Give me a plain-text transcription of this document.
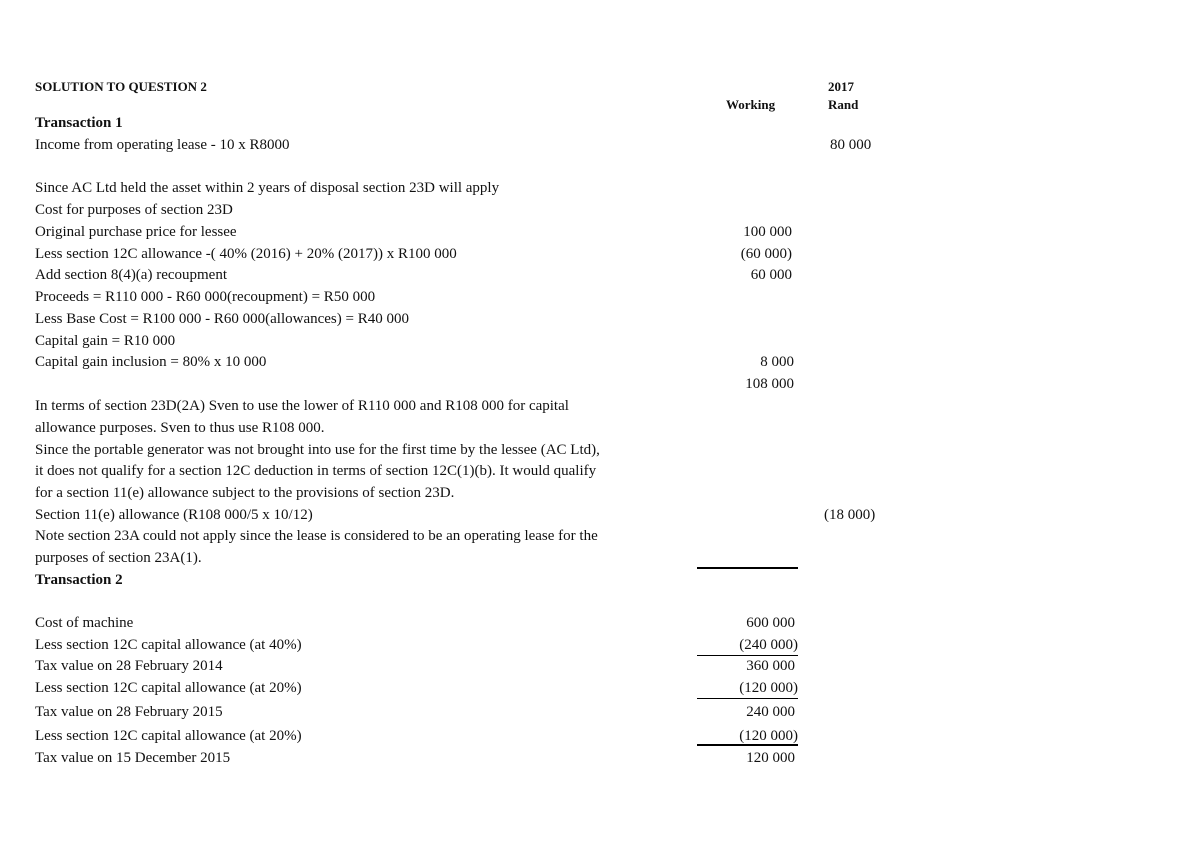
SOLUTION TO QUESTION 2	2017
Working	Rand
Transaction 1
Income from operating lease - 10 x R8000	80 000
Since AC Ltd held the asset within 2 years of disposal section 23D will apply
Cost for purposes of section 23D
Original purchase price for lessee	100 000
Less section 12C allowance -( 40% (2016) + 20% (2017)) x R100 000	(60 000)
Add section 8(4)(a) recoupment	60 000
Proceeds = R110 000 - R60 000(recoupment) = R50 000
Less Base Cost = R100 000 - R60 000(allowances) = R40 000
Capital gain = R10 000
Capital gain inclusion = 80% x 10 000	8 000
108 000
In terms of section 23D(2A) Sven to use the lower of R110 000 and R108 000 for capital
allowance purposes. Sven to thus use R108 000.
Since the portable generator was not brought into use for the first time by the lessee (AC Ltd),
it does not qualify for a section 12C deduction in terms of section 12C(1)(b). It would qualify
for a section 11(e) allowance subject to the provisions of section 23D.
Section 11(e) allowance (R108 000/5 x 10/12)	(18 000)
Note section 23A could not apply since the lease is considered to be an operating lease for the
purposes of section 23A(1).
Transaction 2
Cost of machine	600 000
Less section 12C capital allowance (at 40%)	(240 000)
Tax value on 28 February 2014	360 000
Less section 12C capital allowance (at 20%)	(120 000)
Tax value on 28 February 2015	240 000
Less section 12C capital allowance (at 20%)	(120 000)
Tax value on 15 December 2015	120 000
